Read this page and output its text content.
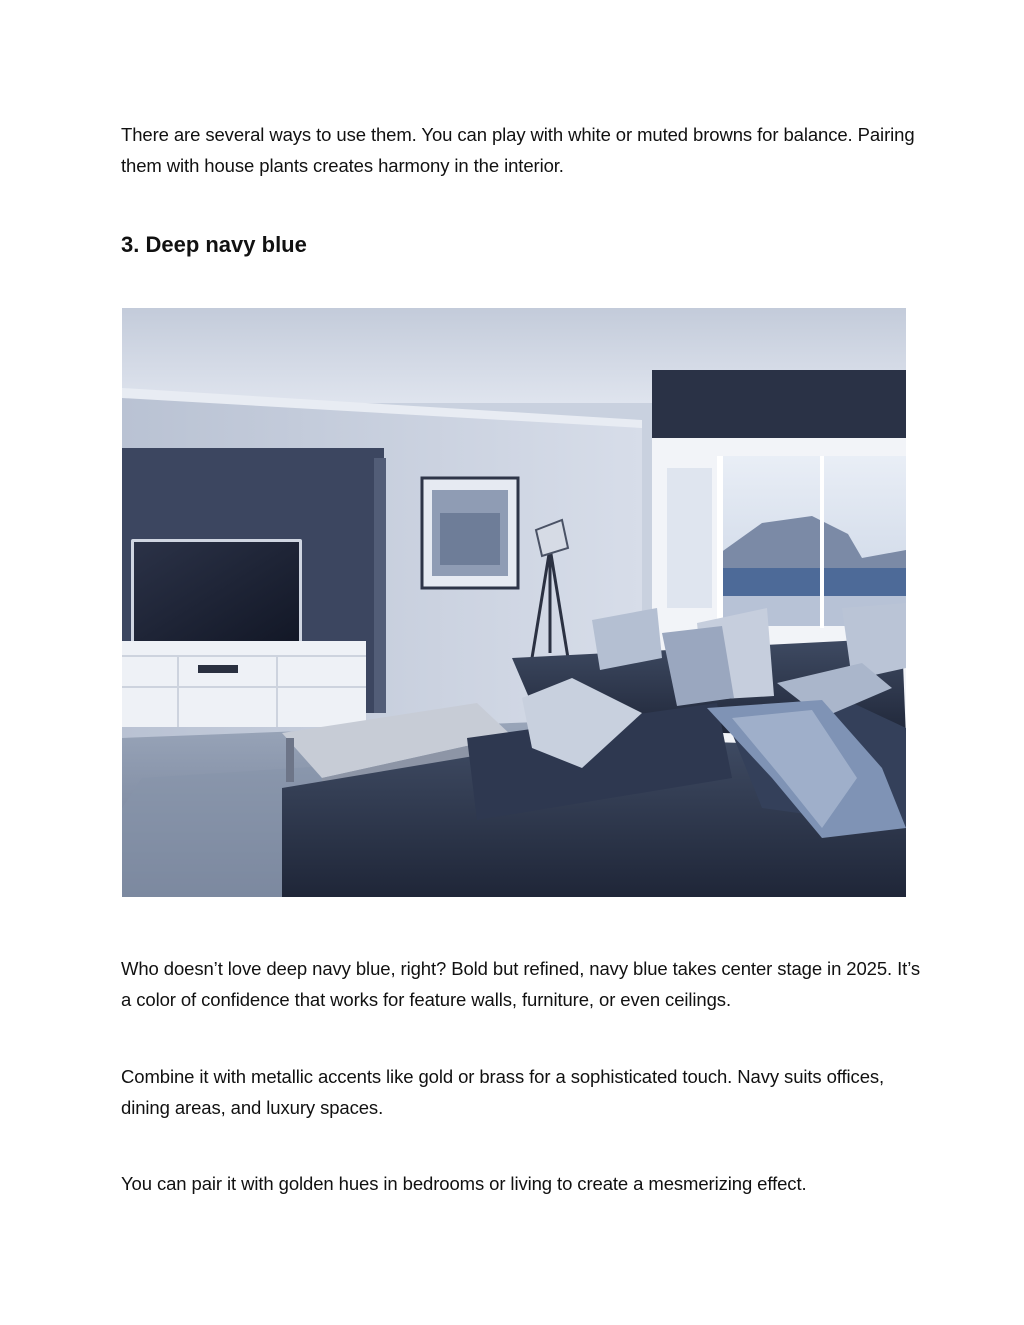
There are several ways to use them. You can play with white or muted browns for balance. Pairing them with house plants creates harmony in the interior.

3. Deep navy blue

Who doesn’t love deep navy blue, right? Bold but refined, navy blue takes center stage in 2025. It’s a color of confidence that works for feature walls, furniture, or even ceilings.

Combine it with metallic accents like gold or brass for a sophisticated touch. Navy suits offices, dining areas, and luxury spaces.

You can pair it with golden hues in bedrooms or living to create a mesmerizing effect.
